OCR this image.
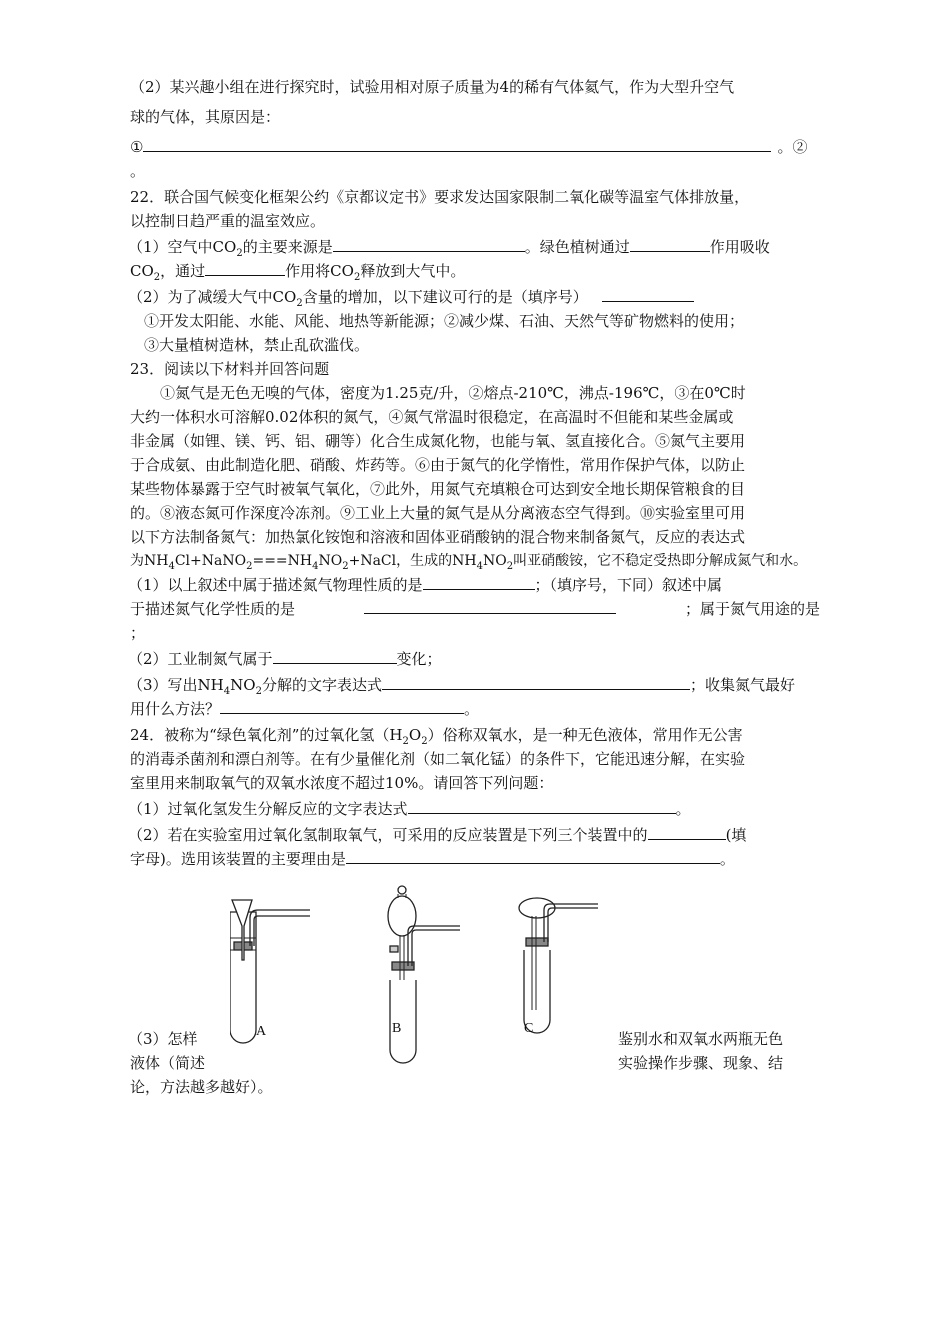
（2）某兴趣小组在进行探究时，试验用相对原子质量为4的稀有气体氦气，作为大型升空气
球的气体，其原因是：
①	。②
。
22．联合国气候变化框架公约《京都议定书》要求发达国家限制二氧化碳等温室气体排放量，
以控制日趋严重的温室效应。
（1）空气中$CO_2$的主要来源是	。绿色植树通过	作用吸收
$CO_2$，通过	作用将$CO_2$释放到大气中。
（2）为了减缓大气中$CO_2$含量的增加，以下建议可行的是（填序号）
①开发太阳能、水能、风能、地热等新能源；②减少煤、石油、天然气等矿物燃料的使用；
③大量植树造林，禁止乱砍滥伐。
23．阅读以下材料并回答问题
①氮气是无色无嗅的气体，密度为1.25克/升，②熔点-210℃，沸点-196℃，③在0℃时
大约一体积水可溶解0.02体积的氮气，④氮气常温时很稳定，在高温时不但能和某些金属或
非金属（如锂、镁、钙、铝、硼等）化合生成氮化物，也能与氧、氢直接化合。⑤氮气主要用
于合成氨、由此制造化肥、硝酸、炸药等。⑥由于氮气的化学惰性，常用作保护气体，以防止
某些物体暴露于空气时被氧气氧化，⑦此外，用氮气充填粮仓可达到安全地长期保管粮食的目
的。⑧液态氮可作深度冷冻剂。⑨工业上大量的氮气是从分离液态空气得到。⑩实验室里可用
以下方法制备氮气：加热氯化铵饱和溶液和固体亚硝酸钠的混合物来制备氮气，反应的表达式
为$NH_4Cl+NaNO_2===NH_4NO_2+NaCl$，生成的$NH_4NO_2$叫亚硝酸铵，它不稳定受热即分解成氮气和水。
（1）以上叙述中属于描述氮气物理性质的是	；（填序号，下同）叙述中属
于描述氮气化学性质的是	；属于氮气用途的是
；
（2）工业制氮气属于	变化；
（3）写出$NH_4NO_2$分解的文字表达式	；收集氮气最好
用什么方法？	。
24．被称为“绿色氧化剂”的过氧化氢$(H_2O_2)$俗称双氧水，是一种无色液体，常用作无公害
的消毒杀菌剂和漂白剂等。在有少量催化剂（如二氧化锰）的条件下，它能迅速分解，在实验
室里用来制取氧气的双氧水浓度不超过10%。请回答下列问题：
（1）过氧化氢发生分解反应的文字表达式	。
（2）若在实验室用过氧化氢制取氧气，可采用的反应装置是下列三个装置中的	(填
字母)。选用该装置的主要理由是	。
（3）怎样	鉴别水和双氧水两瓶无色
液体（简述	实验操作步骤、现象、结
论，方法越多越好）。
A	B	C
